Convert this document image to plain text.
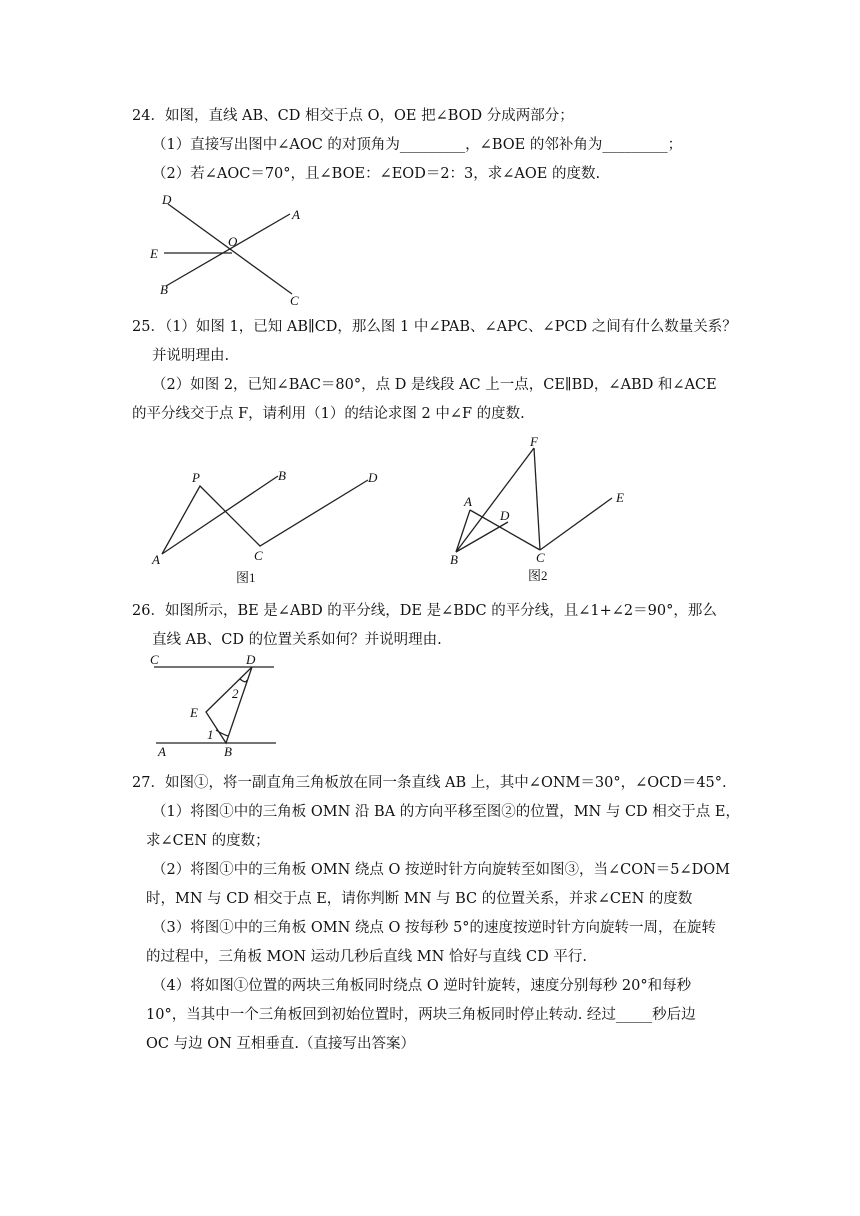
24．如图，直线 AB、CD 相交于点 O，OE 把∠BOD 分成两部分；
（1）直接写出图中∠AOC 的对顶角为_________，∠BOE 的邻补角为_________；
（2）若∠AOC＝70°，且∠BOE：∠EOD＝2：3，求∠AOE 的度数.
D
A
O
E
B
C
25．（1）如图 1，已知 AB∥CD，那么图 1 中∠PAB、∠APC、∠PCD 之间有什么数量关系？
并说明理由.
（2）如图 2，已知∠BAC＝80°，点 D 是线段 AC 上一点，CE∥BD，∠ABD 和∠ACE
的平分线交于点 F，请利用（1）的结论求图 2 中∠F 的度数.
P	B	D
A	C
图1
F
A
D
E
B	C
图2
26．如图所示，BE 是∠ABD 的平分线，DE 是∠BDC 的平分线，且∠1+∠2＝90°，那么
直线 AB、CD 的位置关系如何？并说明理由.
C	D
2
E
1
A	B
27．如图①，将一副直角三角板放在同一条直线 AB 上，其中∠ONM＝30°，∠OCD＝45°.
（1）将图①中的三角板 OMN 沿 BA 的方向平移至图②的位置，MN 与 CD 相交于点 E，
求∠CEN 的度数；
（2）将图①中的三角板 OMN 绕点 O 按逆时针方向旋转至如图③，当∠CON＝5∠DOM
时，MN 与 CD 相交于点 E，请你判断 MN 与 BC 的位置关系，并求∠CEN 的度数
（3）将图①中的三角板 OMN 绕点 O 按每秒 5°的速度按逆时针方向旋转一周，在旋转
的过程中，三角板 MON 运动几秒后直线 MN 恰好与直线 CD 平行.
（4）将如图①位置的两块三角板同时绕点 O 逆时针旋转，速度分别每秒 20°和每秒
10°，当其中一个三角板回到初始位置时，两块三角板同时停止转动. 经过_____秒后边
OC 与边 ON 互相垂直.（直接写出答案）
